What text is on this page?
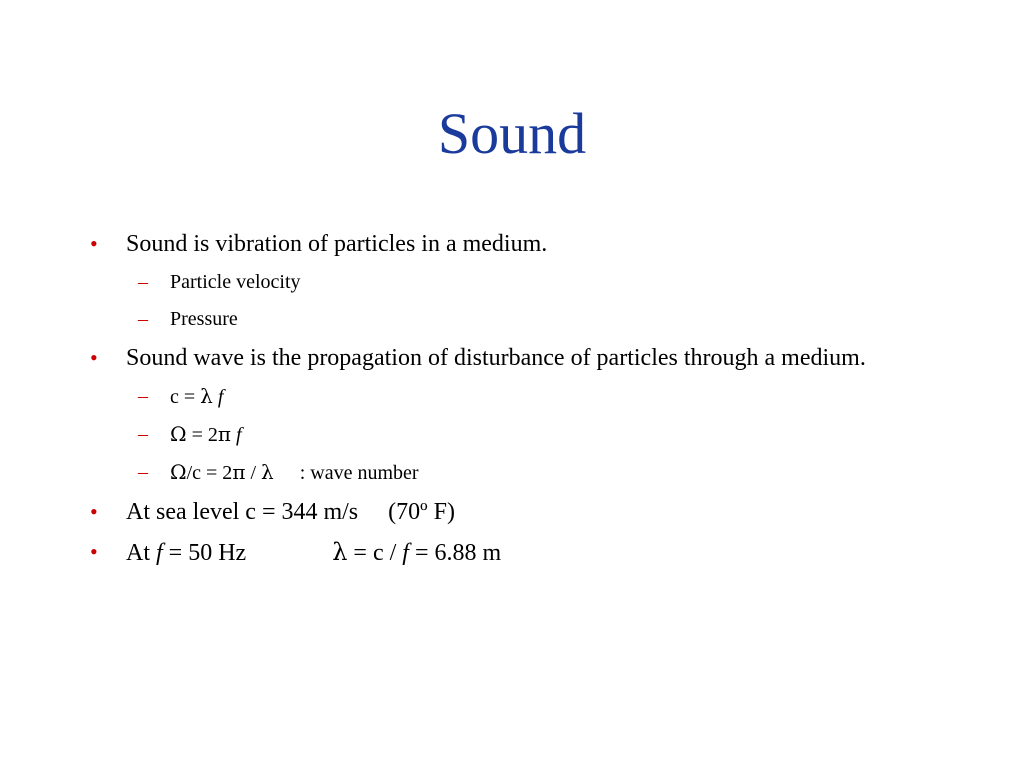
Sound
• Sound is vibration of particles in a medium.
– Particle velocity
– Pressure
• Sound wave is the propagation of disturbance of particles through a medium.
– c = λ f
– Ω = 2π f
– Ω/c = 2π / λ : wave number
• At sea level c = 344 m/s (70º F)
• At f = 50 Hz	λ = c / f = 6.88 m
